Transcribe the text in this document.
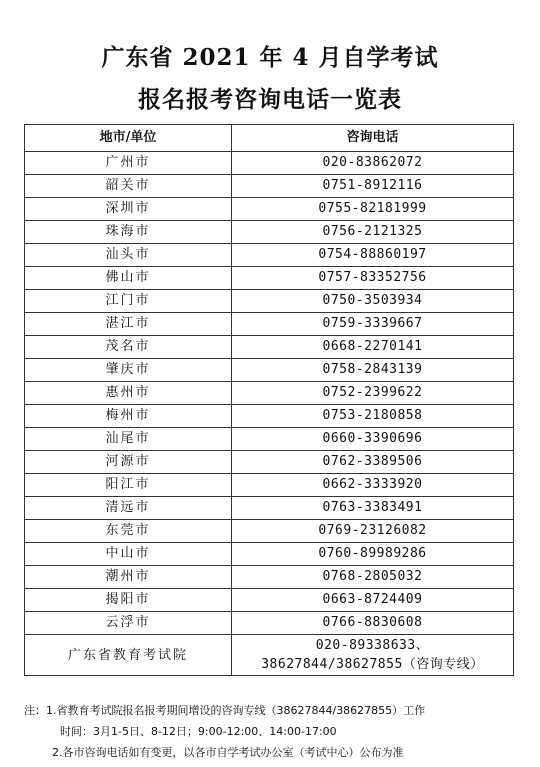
广东省 2021 年 4 月自学考试
报名报考咨询电话一览表
地市/单位	咨询电话
广州市	020-83862072
韶关市	0751-8912116
深圳市	0755-82181999
珠海市	0756-2121325
汕头市	0754-88860197
佛山市	0757-83352756
江门市	0750-3503934
湛江市	0759-3339667
茂名市	0668-2270141
肇庆市	0758-2843139
惠州市	0752-2399622
梅州市	0753-2180858
汕尾市	0660-3390696
河源市	0762-3389506
阳江市	0662-3333920
清远市	0763-3383491
东莞市	0769-23126082
中山市	0760-89989286
潮州市	0768-2805032
揭阳市	0663-8724409
云浮市	0766-8830608
广东省教育考试院	020-89338633、
38627844/38627855（咨询专线）
注：1.省教育考试院报名报考期间增设的咨询专线（38627844/38627855）工作
时间：3月1-5日、8-12日；9:00-12:00、14:00-17:00
2.各市咨询电话如有变更，以各市自学考试办公室（考试中心）公布为准
